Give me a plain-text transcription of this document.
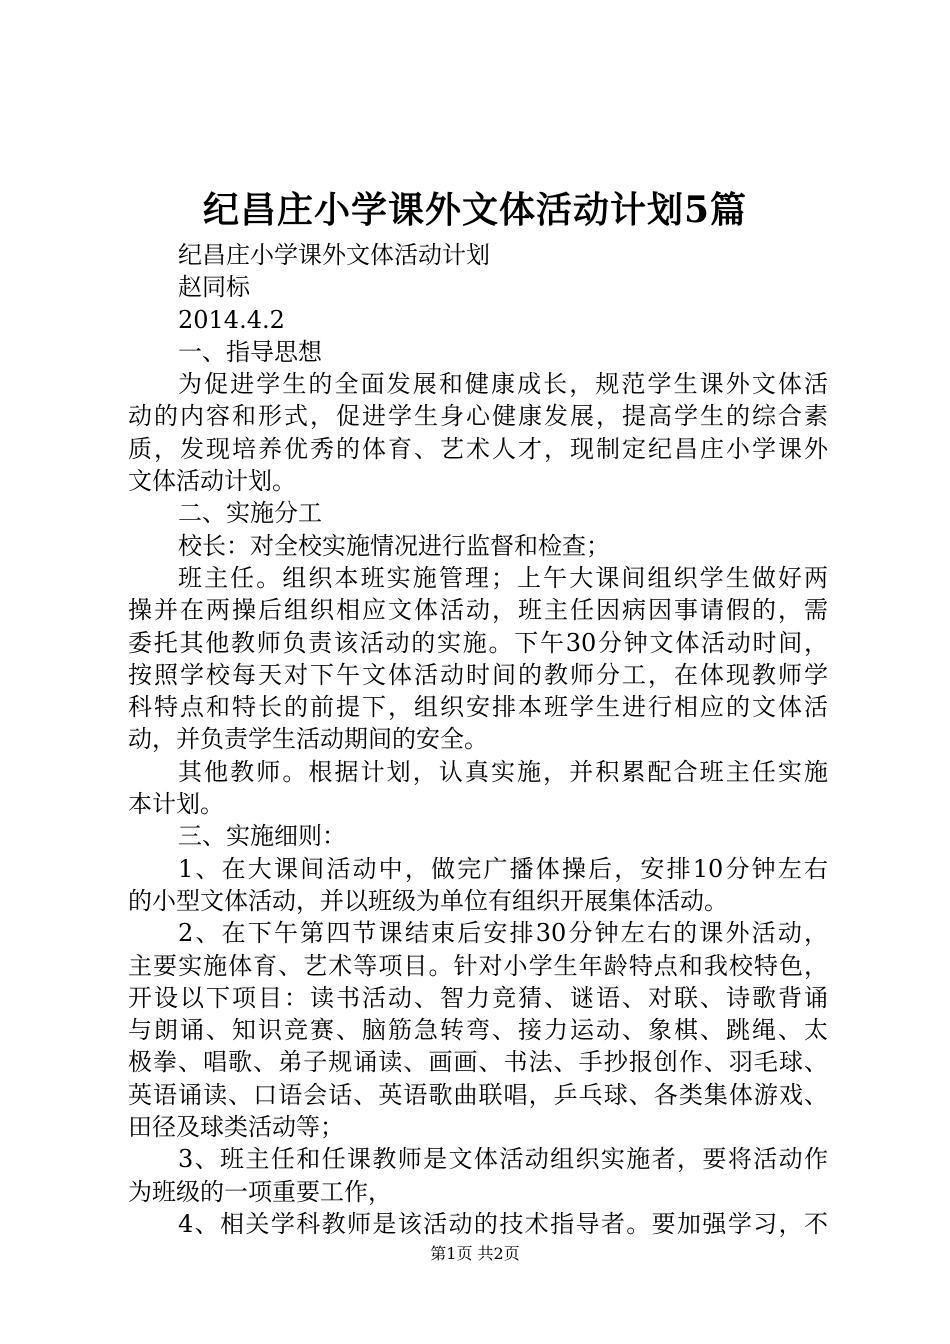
纪昌庄小学课外文体活动计划5篇
纪昌庄小学课外文体活动计划
赵同标
2014.4.2
一、指导思想
为促进学生的全面发展和健康成长，规范学生课外文体活
动的内容和形式，促进学生身心健康发展，提高学生的综合素
质，发现培养优秀的体育、艺术人才，现制定纪昌庄小学课外
文体活动计划。
二、实施分工
校长：对全校实施情况进行监督和检查；
班主任。组织本班实施管理；上午大课间组织学生做好两
操并在两操后组织相应文体活动，班主任因病因事请假的，需
委托其他教师负责该活动的实施。下午30分钟文体活动时间，
按照学校每天对下午文体活动时间的教师分工，在体现教师学
科特点和特长的前提下，组织安排本班学生进行相应的文体活
动，并负责学生活动期间的安全。
其他教师。根据计划，认真实施，并积累配合班主任实施
本计划。
三、实施细则：
1、在大课间活动中，做完广播体操后，安排10分钟左右
的小型文体活动，并以班级为单位有组织开展集体活动。
2、在下午第四节课结束后安排30分钟左右的课外活动，
主要实施体育、艺术等项目。针对小学生年龄特点和我校特色，
开设以下项目：读书活动、智力竞猜、谜语、对联、诗歌背诵
与朗诵、知识竞赛、脑筋急转弯、接力运动、象棋、跳绳、太
极拳、唱歌、弟子规诵读、画画、书法、手抄报创作、羽毛球、
英语诵读、口语会话、英语歌曲联唱，乒乓球、各类集体游戏、
田径及球类活动等；
3、班主任和任课教师是文体活动组织实施者，要将活动作
为班级的一项重要工作，
4、相关学科教师是该活动的技术指导者。要加强学习，不
第1页 共2页
